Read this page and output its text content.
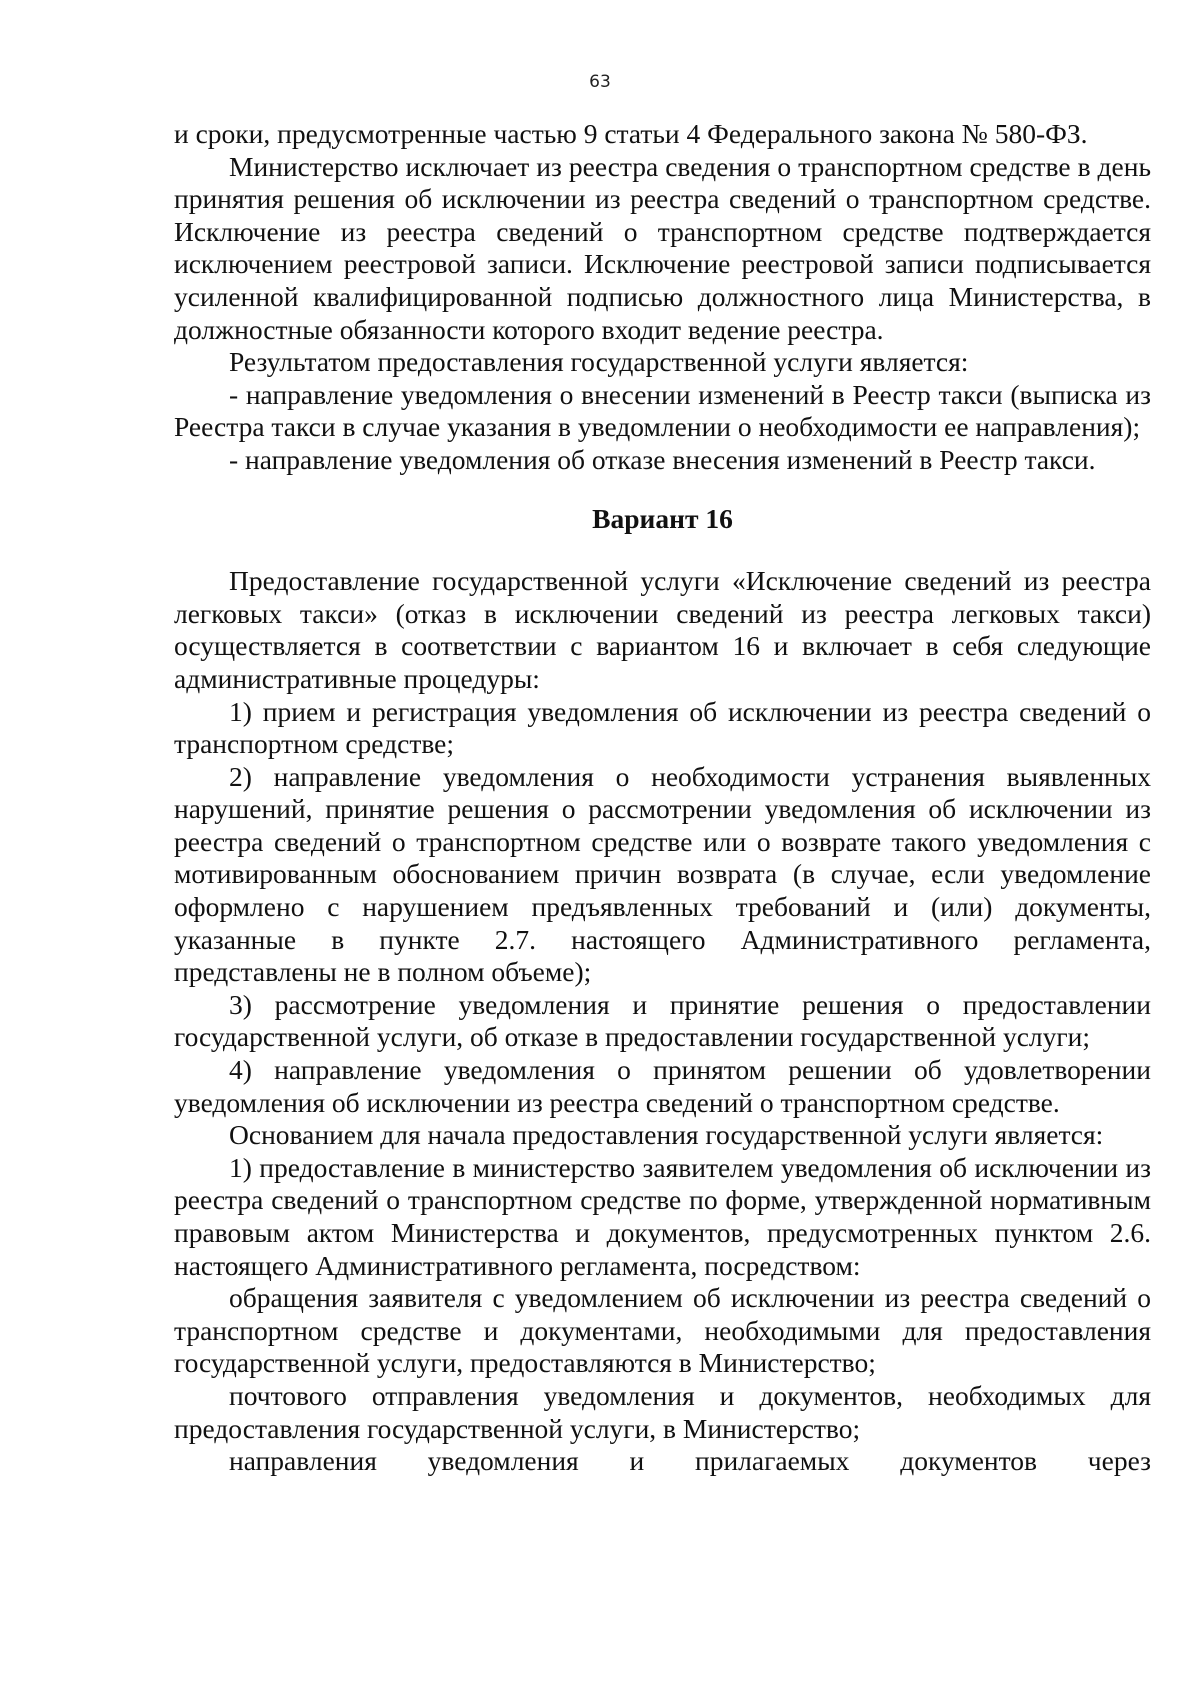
63

и сроки, предусмотренные частью 9 статьи 4 Федерального закона № 580-ФЗ.

Министерство исключает из реестра сведения о транспортном средстве в день принятия решения об исключении из реестра сведений о транспортном средстве. Исключение из реестра сведений о транспортном средстве подтверждается исключением реестровой записи. Исключение реестровой записи подписывается усиленной квалифицированной подписью должностного лица Министерства, в должностные обязанности которого входит ведение реестра.

Результатом предоставления государственной услуги является:

- направление уведомления о внесении изменений в Реестр такси (выписка из Реестра такси в случае указания в уведомлении о необходимости ее направления);

- направление уведомления об отказе внесения изменений в Реестр такси.

Вариант 16

Предоставление государственной услуги «Исключение сведений из реестра легковых такси» (отказ в исключении сведений из реестра легковых такси) осуществляется в соответствии с вариантом 16 и включает в себя следующие административные процедуры:

1) прием и регистрация уведомления об исключении из реестра сведений о транспортном средстве;

2) направление уведомления о необходимости устранения выявленных нарушений, принятие решения о рассмотрении уведомления об исключении из реестра сведений о транспортном средстве или о возврате такого уведомления с мотивированным обоснованием причин возврата (в случае, если уведомление оформлено с нарушением предъявленных требований и (или) документы, указанные в пункте 2.7. настоящего Административного регламента, представлены не в полном объеме);

3) рассмотрение уведомления и принятие решения о предоставлении государственной услуги, об отказе в предоставлении государственной услуги;

4) направление уведомления о принятом решении об удовлетворении уведомления об исключении из реестра сведений о транспортном средстве.

Основанием для начала предоставления государственной услуги является:

1) предоставление в министерство заявителем уведомления об исключении из реестра сведений о транспортном средстве по форме, утвержденной нормативным правовым актом Министерства и документов, предусмотренных пунктом 2.6. настоящего Административного регламента, посредством:

обращения заявителя с уведомлением об исключении из реестра сведений о транспортном средстве и документами, необходимыми для предоставления государственной услуги, предоставляются в Министерство;

почтового отправления уведомления и документов, необходимых для предоставления государственной услуги, в Министерство;

направления уведомления и прилагаемых документов через
